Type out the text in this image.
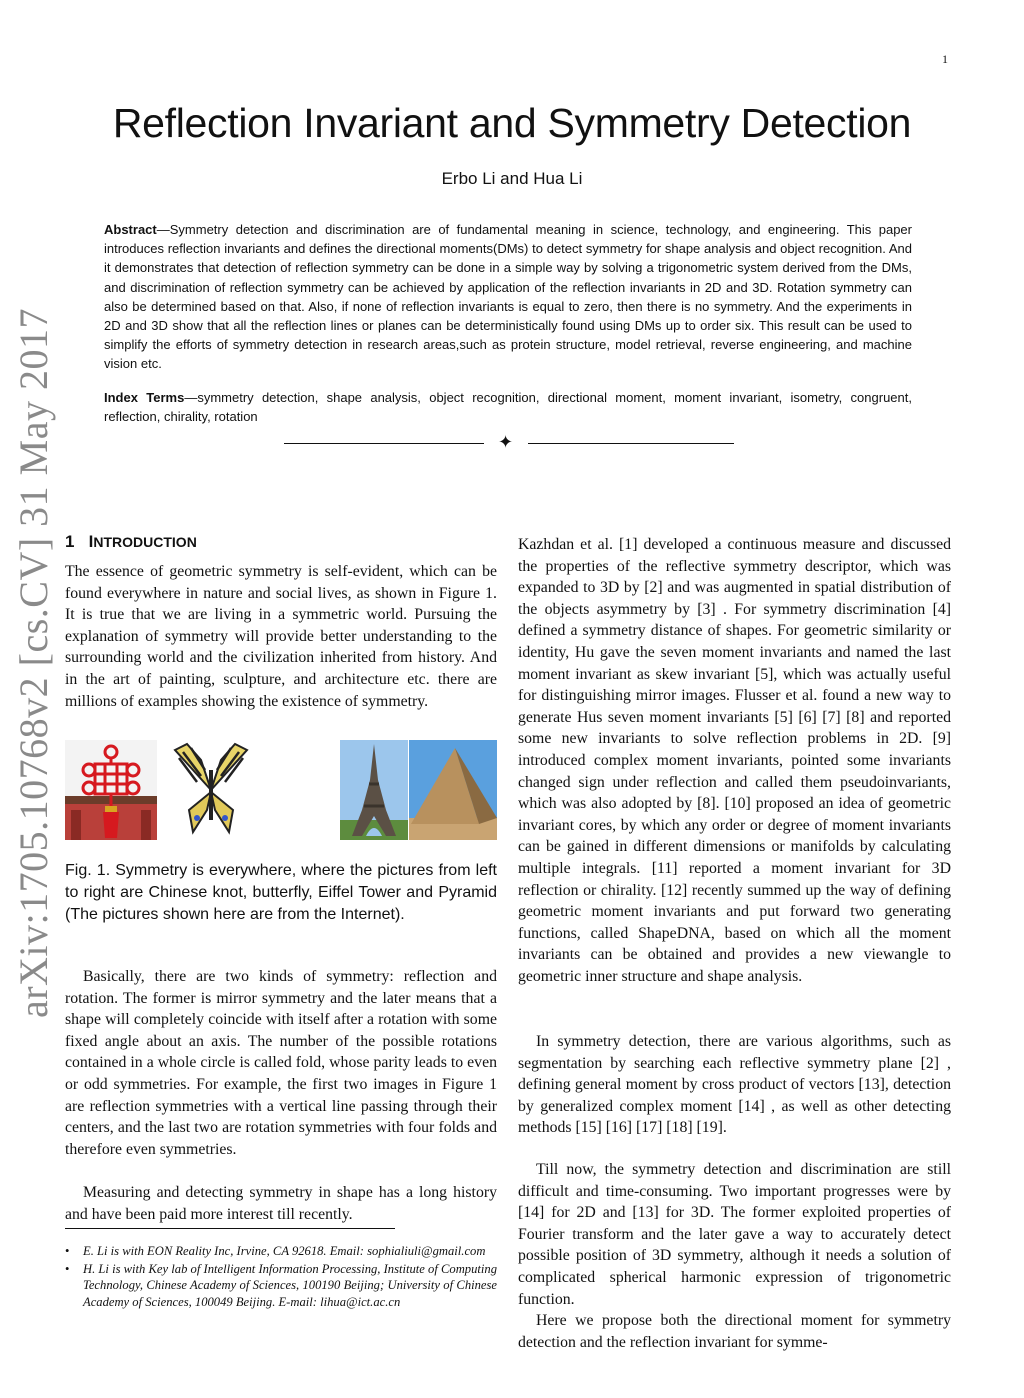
1
Reflection Invariant and Symmetry Detection
Erbo Li and Hua Li
Abstract—Symmetry detection and discrimination are of fundamental meaning in science, technology, and engineering. This paper introduces reflection invariants and defines the directional moments(DMs) to detect symmetry for shape analysis and object recognition. And it demonstrates that detection of reflection symmetry can be done in a simple way by solving a trigonometric system derived from the DMs, and discrimination of reflection symmetry can be achieved by application of the reflection invariants in 2D and 3D. Rotation symmetry can also be determined based on that. Also, if none of reflection invariants is equal to zero, then there is no symmetry. And the experiments in 2D and 3D show that all the reflection lines or planes can be deterministically found using DMs up to order six. This result can be used to simplify the efforts of symmetry detection in research areas,such as protein structure, model retrieval, reverse engineering, and machine vision etc.
Index Terms—symmetry detection, shape analysis, object recognition, directional moment, moment invariant, isometry, congruent, reflection, chirality, rotation
✦
arXiv:1705.10768v2 [cs.CV] 31 May 2017 1 INTRODUCTION

The essence of geometric symmetry is self-evident, which can be found everywhere in nature and social lives, as shown in Figure 1. It is true that we are living in a symmetric world. Pursuing the explanation of symmetry will provide better understanding to the surrounding world and the civilization inherited from history. And in the art of painting, sculpture, and architecture etc. there are millions of examples showing the existence of symmetry.

Fig. 1. Symmetry is everywhere, where the pictures from left to right are Chinese knot, butterfly, Eiffel Tower and Pyramid (The pictures shown here are from the Internet).

Basically, there are two kinds of symmetry: reflection and rotation. The former is mirror symmetry and the later means that a shape will completely coincide with itself after a rotation with some fixed angle about an axis. The number of the possible rotations contained in a whole circle is called fold, whose parity leads to even or odd symmetries. For example, the first two images in Figure 1 are reflection symmetries with a vertical line passing through their centers, and the last two are rotation symmetries with four folds and therefore even symmetries.

Measuring and detecting symmetry in shape has a long history and have been paid more interest till recently.

• E. Li is with EON Reality Inc, Irvine, CA 92618. Email: sophialiuli@gmail.com
• H. Li is with Key lab of Intelligent Information Processing, Institute of Computing Technology, Chinese Academy of Sciences, 100190 Beijing; University of Chinese Academy of Sciences, 100049 Beijing. E-mail: lihua@ict.ac.cn

Kazhdan et al. [1] developed a continuous measure and discussed the properties of the reflective symmetry descriptor, which was expanded to 3D by [2] and was augmented in spatial distribution of the objects asymmetry by [3] . For symmetry discrimination [4] defined a symmetry distance of shapes. For geometric similarity or identity, Hu gave the seven moment invariants and named the last moment invariant as skew invariant [5], which was actually useful for distinguishing mirror images. Flusser et al. found a new way to generate Hus seven moment invariants [5] [6] [7] [8] and reported some new invariants to solve reflection problems in 2D. [9] introduced complex moment invariants, pointed some invariants changed sign under reflection and called them pseudoinvariants, which was also adopted by [8]. [10] proposed an idea of geometric invariant cores, by which any order or degree of moment invariants can be gained in different dimensions or manifolds by calculating multiple integrals. [11] reported a moment invariant for 3D reflection or chirality. [12] recently summed up the way of defining geometric moment invariants and put forward two generating functions, called ShapeDNA, based on which all the moment invariants can be obtained and provides a new viewangle to geometric inner structure and shape analysis.

In symmetry detection, there are various algorithms, such as segmentation by searching each reflective symmetry plane [2] , defining general moment by cross product of vectors [13], detection by generalized complex moment [14] , as well as other detecting methods [15] [16] [17] [18] [19].

Till now, the symmetry detection and discrimination are still difficult and time-consuming. Two important progresses were by [14] for 2D and [13] for 3D. The former exploited properties of Fourier transform and the later gave a way to accurately detect possible position of 3D symmetry, although it needs a solution of complicated spherical harmonic expression of trigonometric function.

Here we propose both the directional moment for symmetry detection and the reflection invariant for symme-
